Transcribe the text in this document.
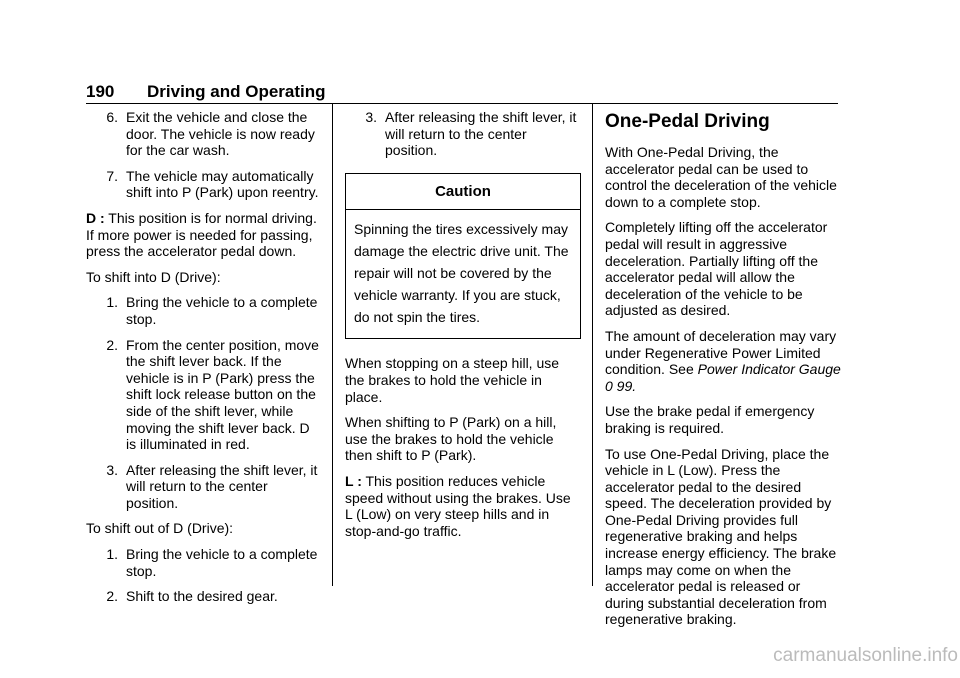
190 Driving and Operating
6. Exit the vehicle and close the door. The vehicle is now ready for the car wash.
7. The vehicle may automatically shift into P (Park) upon reentry.

D : This position is for normal driving. If more power is needed for passing, press the accelerator pedal down.

To shift into D (Drive):

1. Bring the vehicle to a complete stop.
2. From the center position, move the shift lever back. If the vehicle is in P (Park) press the shift lock release button on the side of the shift lever, while moving the shift lever back. D is illuminated in red.
3. After releasing the shift lever, it will return to the center position.

To shift out of D (Drive):

1. Bring the vehicle to a complete stop.
2. Shift to the desired gear.
3. After releasing the shift lever, it will return to the center position.
Caution
Spinning the tires excessively may damage the electric drive unit. The repair will not be covered by the vehicle warranty. If you are stuck, do not spin the tires.

When stopping on a steep hill, use the brakes to hold the vehicle in place.

When shifting to P (Park) on a hill, use the brakes to hold the vehicle then shift to P (Park).

L : This position reduces vehicle speed without using the brakes. Use L (Low) on very steep hills and in stop-and-go traffic.

One-Pedal Driving

With One-Pedal Driving, the accelerator pedal can be used to control the deceleration of the vehicle down to a complete stop.

Completely lifting off the accelerator pedal will result in aggressive deceleration. Partially lifting off the accelerator pedal will allow the deceleration of the vehicle to be adjusted as desired.

The amount of deceleration may vary under Regenerative Power Limited condition. See Power Indicator Gauge 0 99.

Use the brake pedal if emergency braking is required.

To use One-Pedal Driving, place the vehicle in L (Low). Press the accelerator pedal to the desired speed. The deceleration provided by One-Pedal Driving provides full regenerative braking and helps increase energy efficiency. The brake lamps may come on when the accelerator pedal is released or during substantial deceleration from regenerative braking.

carmanualsonline.info
